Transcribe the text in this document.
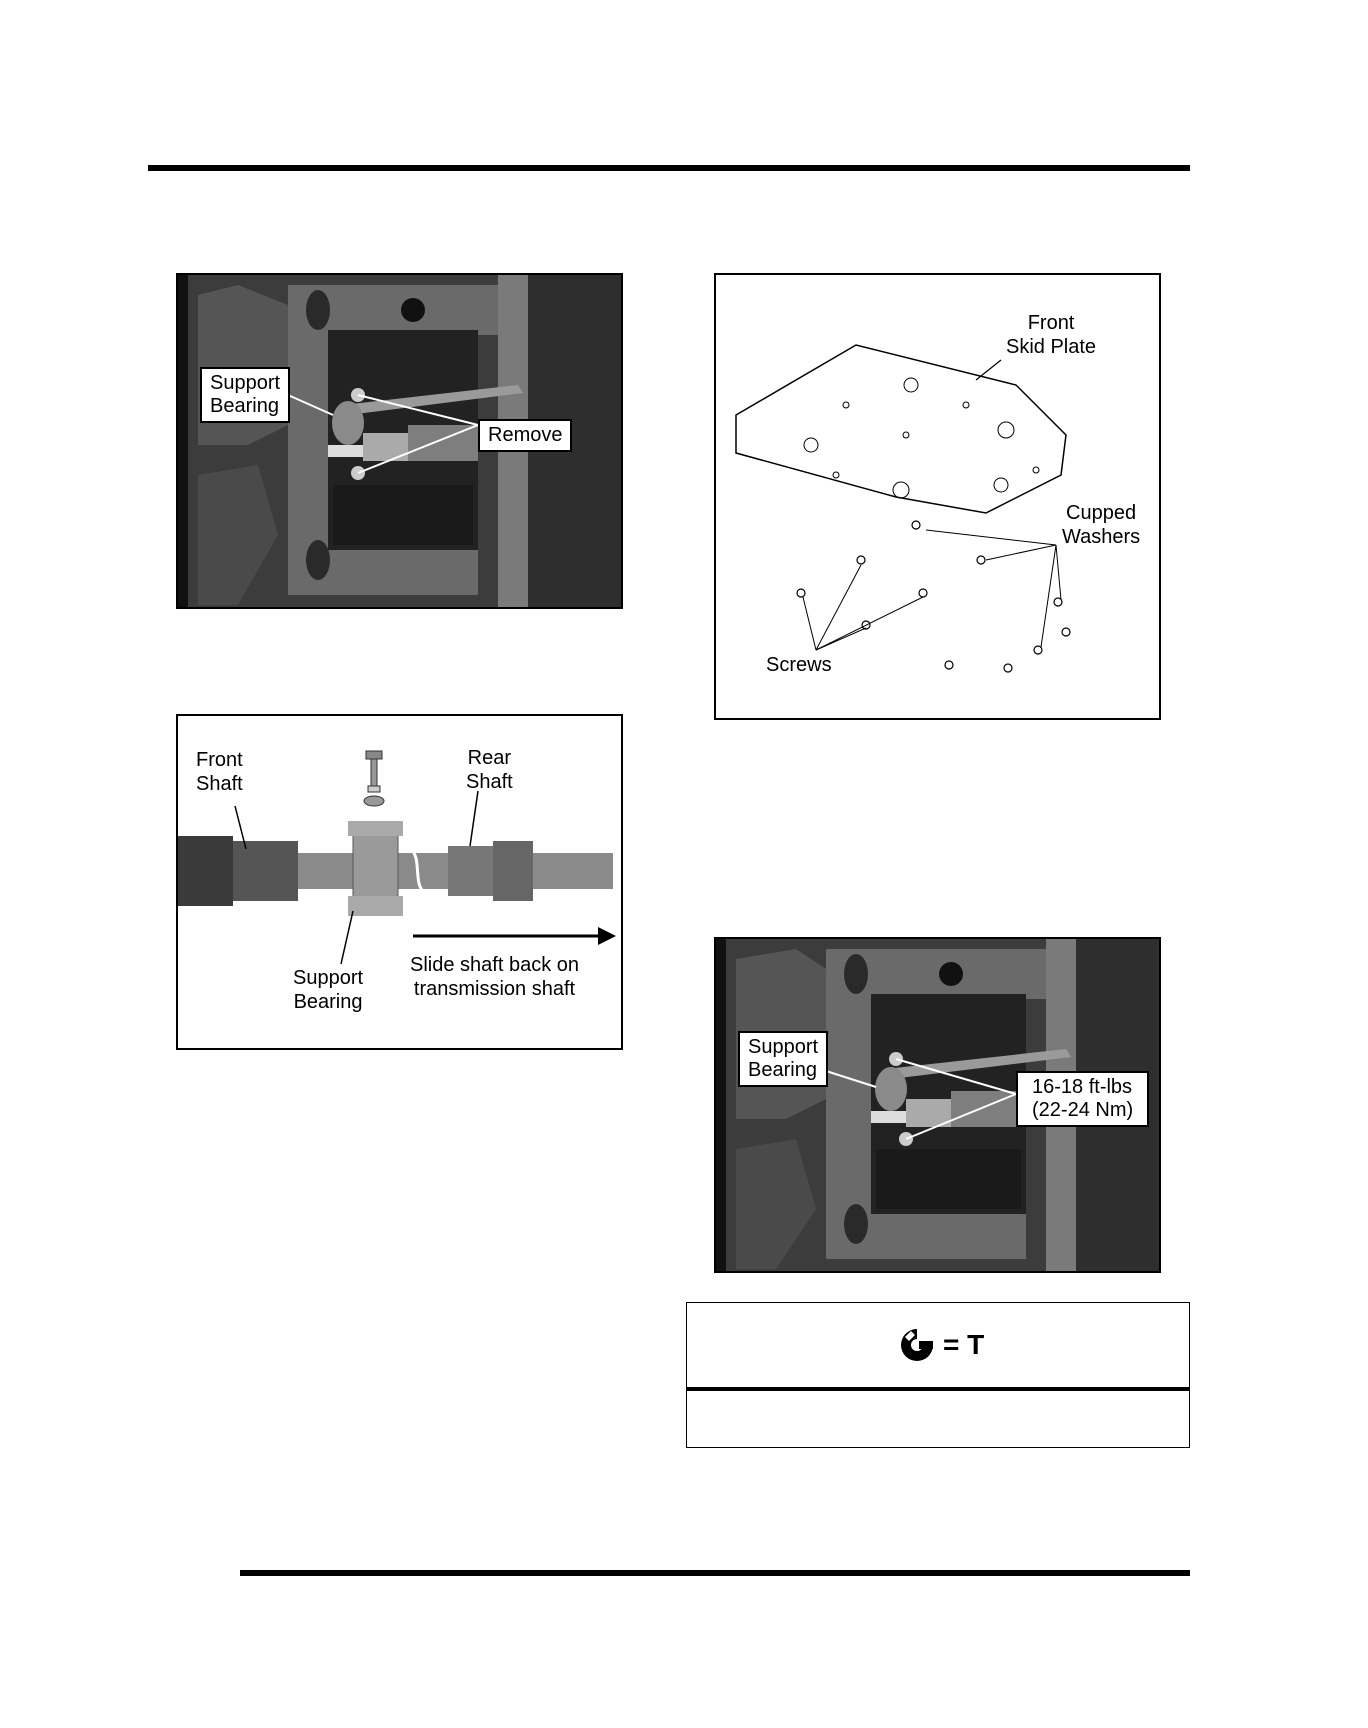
Support
Bearing
Remove
Front
Skid Plate
Cupped
Washers
Screws
Front
Shaft
Rear
Shaft
Support
Bearing
Slide shaft back on
transmission shaft
Support
Bearing
16-18 ft-lbs
(22-24 Nm)
= T
